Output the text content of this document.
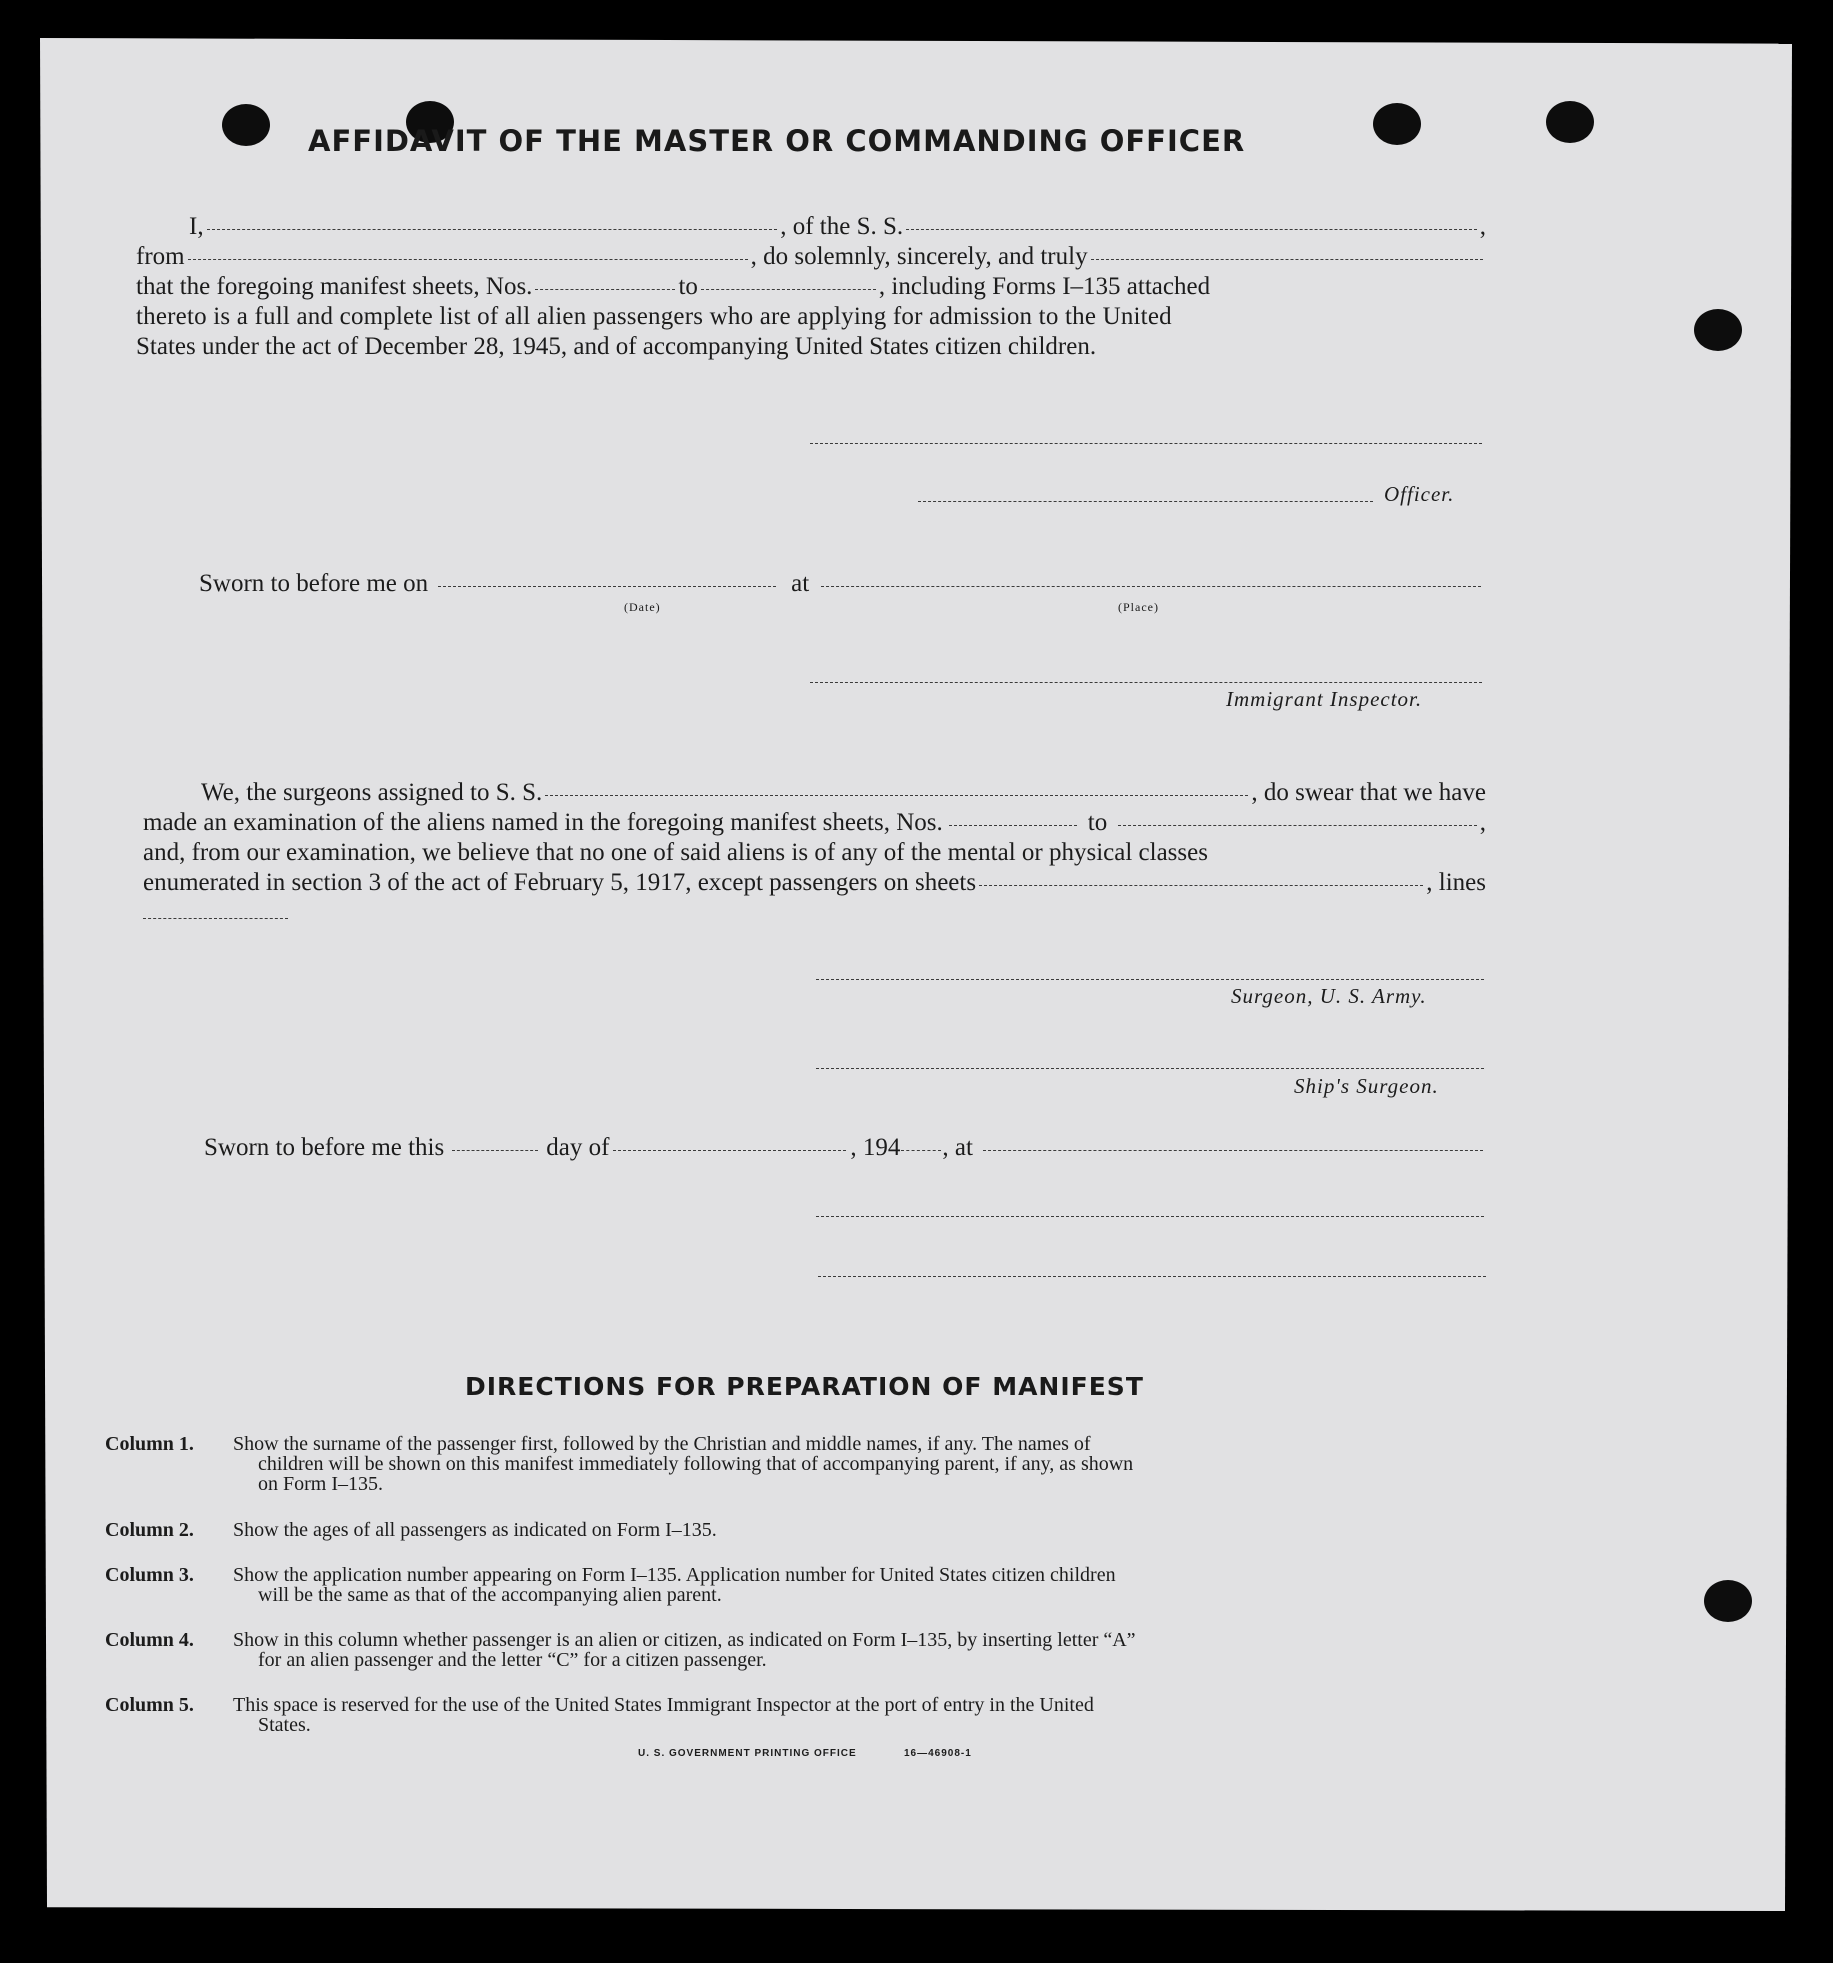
AFFIDAVIT OF THE MASTER OR COMMANDING OFFICER
I,	, of the S. S.	,
from	, do solemnly, sincerely, and truly
that the foregoing manifest sheets, Nos.	to	, including Forms I–135 attached
thereto is a full and complete list of all alien passengers who are applying for admission to the United
States under the act of December 28, 1945, and of accompanying United States citizen children.
Officer.
Sworn to before me on	at
(Date)	(Place)
Immigrant Inspector.
We, the surgeons assigned to S. S.	, do swear that we have
made an examination of the aliens named in the foregoing manifest sheets, Nos.	to	,
and, from our examination, we believe that no one of said aliens is of any of the mental or physical classes
enumerated in section 3 of the act of February 5, 1917, except passengers on sheets	, lines
Surgeon, U. S. Army.
Ship's Surgeon.
Sworn to before me this	day of	, 194 , at
DIRECTIONS FOR PREPARATION OF MANIFEST
Column 1.	Show the surname of the passenger first, followed by the Christian and middle names, if any. The names of
children will be shown on this manifest immediately following that of accompanying parent, if any, as shown
on Form I–135.
Column 2.	Show the ages of all passengers as indicated on Form I–135.
Column 3.	Show the application number appearing on Form I–135. Application number for United States citizen children
will be the same as that of the accompanying alien parent.
Column 4.	Show in this column whether passenger is an alien or citizen, as indicated on Form I–135, by inserting letter “A”
for an alien passenger and the letter “C” for a citizen passenger.
Column 5.	This space is reserved for the use of the United States Immigrant Inspector at the port of entry in the United
States.
U. S. GOVERNMENT PRINTING OFFICE	16—46908-1
